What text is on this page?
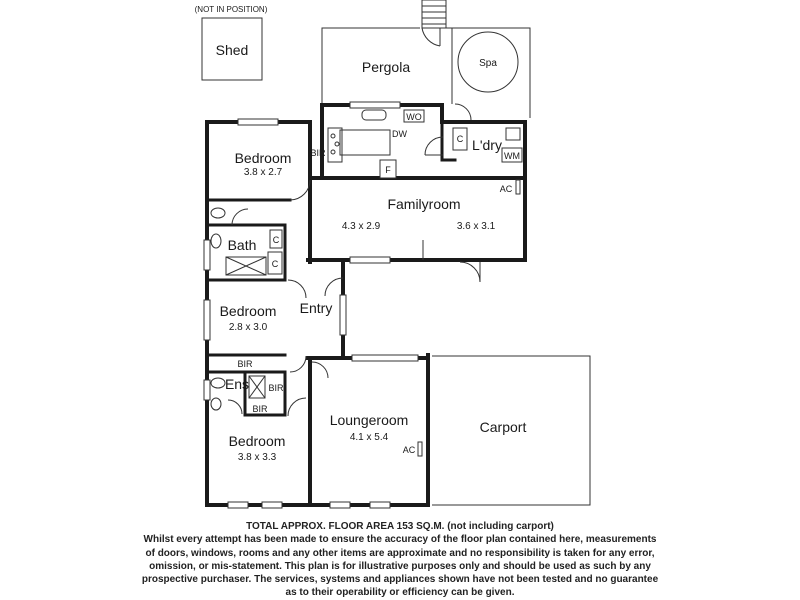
(NOT IN POSITION)
Shed
Pergola	Spa
F
WO
DW
BIR
C
WM
L'dry
Bedroom
3.8 x 2.7
Familyroom
4.3 x 2.9	3.6 x 3.1
AC
Bath C
C
Bedroom
2.8 x 3.0
Entry
BIR
Ens BIR
BIR
Bedroom
3.8 x 3.3
Loungeroom
4.1 x 5.4
AC
Carport
TOTAL APPROX. FLOOR AREA 153 SQ.M. (not including carport)
Whilst every attempt has been made to ensure the accuracy of the floor plan contained here, measurements
of doors, windows, rooms and any other items are approximate and no responsibility is taken for any error,
omission, or mis-statement. This plan is for illustrative purposes only and should be used as such by any
prospective purchaser. The services, systems and appliances shown have not been tested and no guarantee
as to their operability or efficiency can be given.
